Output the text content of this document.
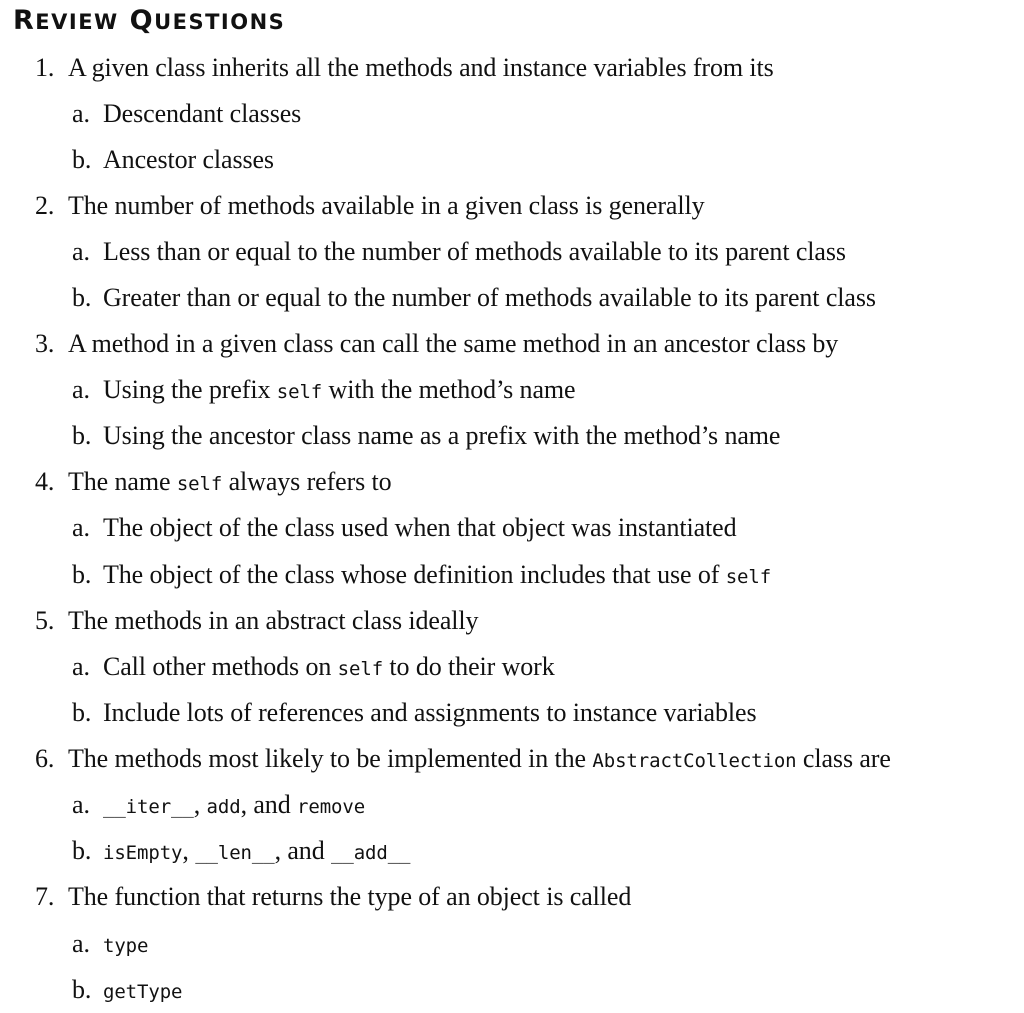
REVIEW QUESTIONS
1. A given class inherits all the methods and instance variables from its
a. Descendant classes
b. Ancestor classes
2. The number of methods available in a given class is generally
a. Less than or equal to the number of methods available to its parent class
b. Greater than or equal to the number of methods available to its parent class
3. A method in a given class can call the same method in an ancestor class by
a. Using the prefix self with the method’s name
b. Using the ancestor class name as a prefix with the method’s name
4. The name self always refers to
a. The object of the class used when that object was instantiated
b. The object of the class whose definition includes that use of self
5. The methods in an abstract class ideally
a. Call other methods on self to do their work
b. Include lots of references and assignments to instance variables
6. The methods most likely to be implemented in the AbstractCollection class are
a. __iter__, add, and remove
b. isEmpty, __len__, and __add__
7. The function that returns the type of an object is called
a. type
b. getType
